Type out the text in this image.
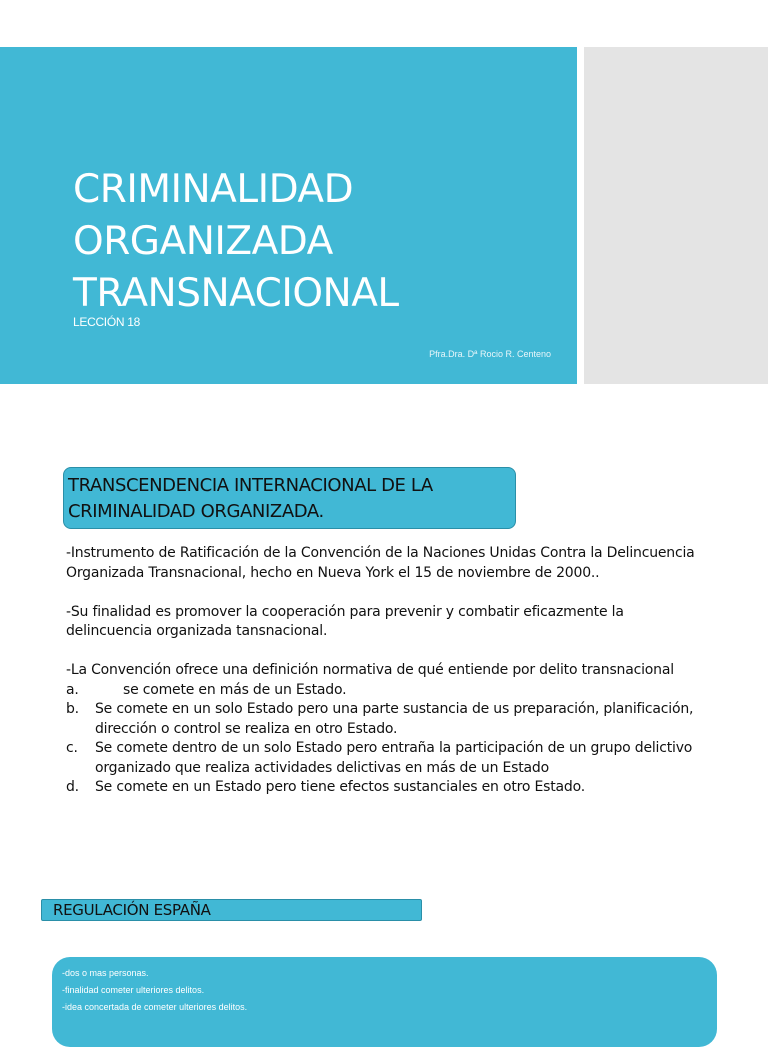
CRIMINALIDAD
ORGANIZADA
TRANSNACIONAL
LECCIÓN 18
Pfra.Dra. Dª Rocio R. Centeno
TRANSCENDENCIA INTERNACIONAL DE LA CRIMINALIDAD ORGANIZADA.

-Instrumento de Ratificación de la Convención de la Naciones Unidas Contra la Delincuencia Organizada Transnacional, hecho en Nueva York el 15 de noviembre de 2000..

-Su finalidad es promover la cooperación para prevenir y combatir eficazmente la delincuencia organizada tansnacional.

-La Convención ofrece una definición normativa de qué entiende por delito transnacional

a.	se comete en más de un Estado.
b. Se comete en un solo Estado pero una parte sustancia de us preparación, planificación, dirección o control se realiza en otro Estado.
c. Se comete dentro de un solo Estado pero entraña la participación de un grupo delictivo organizado que realiza actividades delictivas en más de un Estado
d. Se comete en un Estado pero tiene efectos sustanciales en otro Estado.
REGULACIÓN ESPAÑA
-dos o mas personas.
-finalidad cometer ulteriores delitos.
-idea concertada de cometer ulteriores delitos.
